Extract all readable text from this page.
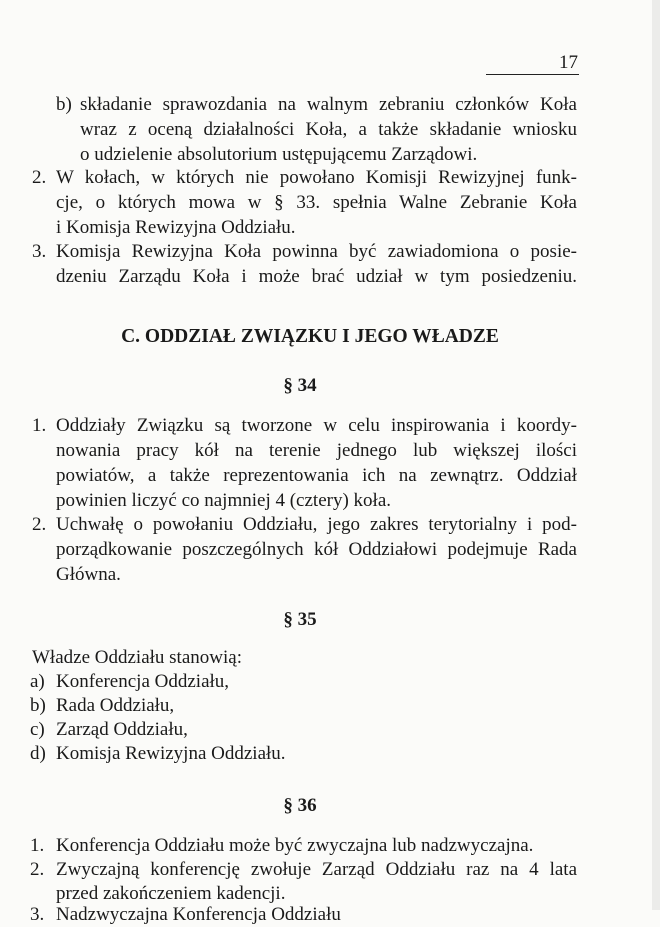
17
b) składanie sprawozdania na walnym zebraniu członków Koła
wraz z oceną działalności Koła, a także składanie wniosku
o udzielenie absolutorium ustępującemu Zarządowi.
2. W kołach, w których nie powołano Komisji Rewizyjnej funk-
cje, o których mowa w § 33. spełnia Walne Zebranie Koła
i Komisja Rewizyjna Oddziału.
3. Komisja Rewizyjna Koła powinna być zawiadomiona o posie-
dzeniu Zarządu Koła i może brać udział w tym posiedzeniu.
C. ODDZIAŁ ZWIĄZKU I JEGO WŁADZE
§ 34
1. Oddziały Związku są tworzone w celu inspirowania i koordy-
nowania pracy kół na terenie jednego lub większej ilości
powiatów, a także reprezentowania ich na zewnątrz. Oddział
powinien liczyć co najmniej 4 (cztery) koła.
2. Uchwałę o powołaniu Oddziału, jego zakres terytorialny i pod-
porządkowanie poszczególnych kół Oddziałowi podejmuje Rada
Główna.
§ 35
Władze Oddziału stanowią:
a) Konferencja Oddziału,
b) Rada Oddziału,
c) Zarząd Oddziału,
d) Komisja Rewizyjna Oddziału.
§ 36
1. Konferencja Oddziału może być zwyczajna lub nadzwyczajna.
2. Zwyczajną konferencję zwołuje Zarząd Oddziału raz na 4 lata
przed zakończeniem kadencji.
3. Nadzwyczajna Konferencja Oddziału
